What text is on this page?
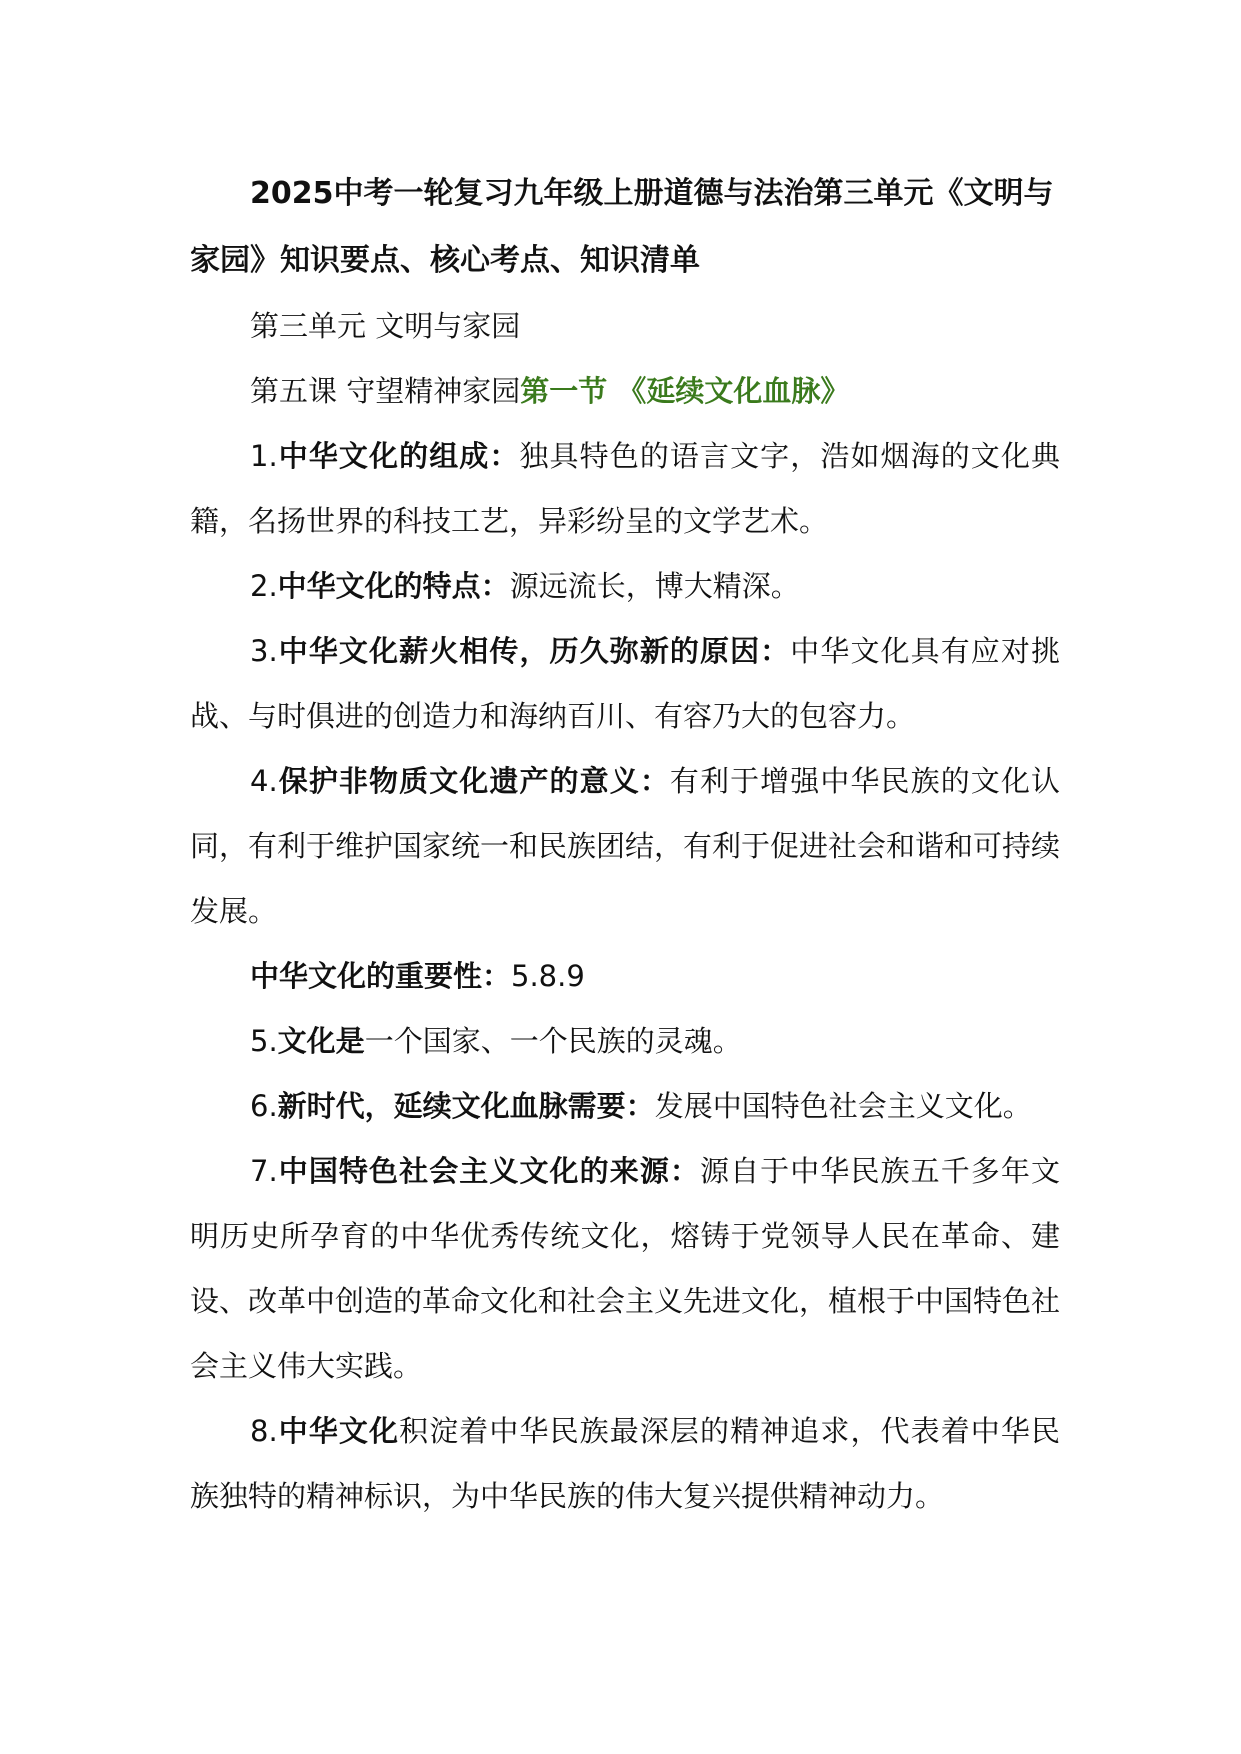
2025中考一轮复习九年级上册道德与法治第三单元《文明与家园》知识要点、核心考点、知识清单

第三单元 文明与家园

第五课 守望精神家园第一节 《延续文化血脉》

1.中华文化的组成：独具特色的语言文字，浩如烟海的文化典籍，名扬世界的科技工艺，异彩纷呈的文学艺术。

2.中华文化的特点：源远流长，博大精深。

3.中华文化薪火相传，历久弥新的原因：中华文化具有应对挑战、与时俱进的创造力和海纳百川、有容乃大的包容力。

4.保护非物质文化遗产的意义：有利于增强中华民族的文化认同，有利于维护国家统一和民族团结，有利于促进社会和谐和可持续发展。

中华文化的重要性：5.8.9

5.文化是一个国家、一个民族的灵魂。

6.新时代，延续文化血脉需要：发展中国特色社会主义文化。

7.中国特色社会主义文化的来源：源自于中华民族五千多年文明历史所孕育的中华优秀传统文化，熔铸于党领导人民在革命、建设、改革中创造的革命文化和社会主义先进文化，植根于中国特色社会主义伟大实践。

8.中华文化积淀着中华民族最深层的精神追求，代表着中华民族独特的精神标识，为中华民族的伟大复兴提供精神动力。
